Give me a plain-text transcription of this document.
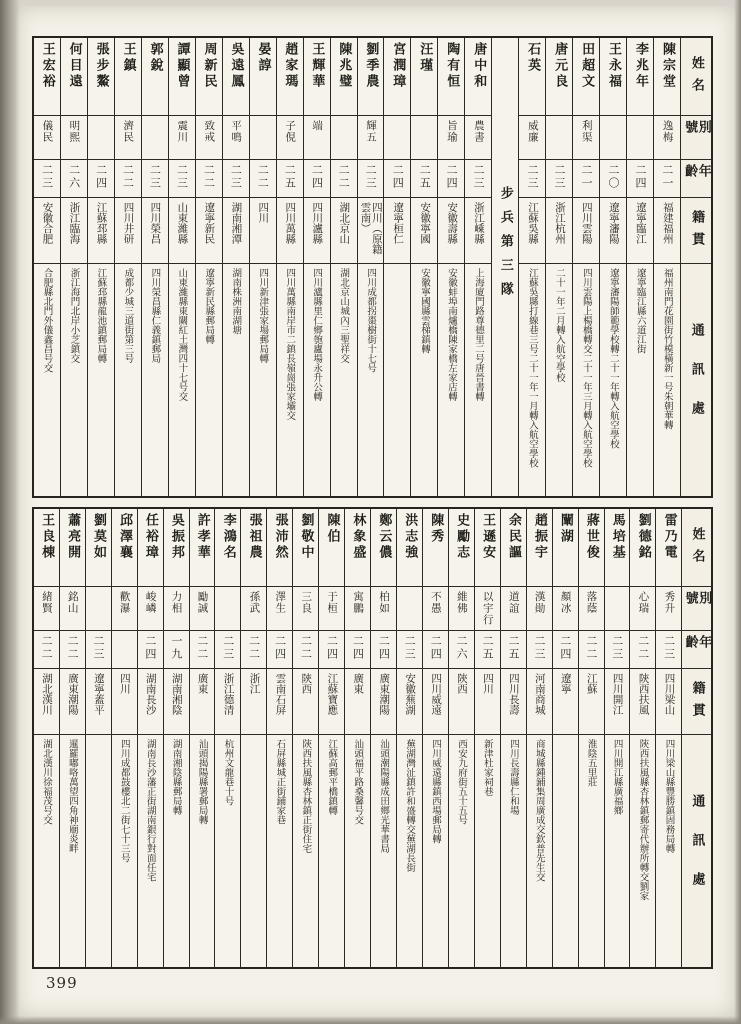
姓名
別號
年齡
籍貫
通訊處
陳宗堂
逸梅
二一
福建福州
福州南門花園街竹模橫新一号朱朝華轉
李兆年
二四
遼寧臨江
遼寧臨江縣六道江街
王永福
二〇
遼寧瀋陽
遼寧瀋陽師範學校轉二十一年轉入航空學校
田超文
利渠
二一
四川雲陽
四川雲陽上楊橋轉交二十一年三月轉入航空學校
唐元良
二三
浙江杭州
二十一年二月轉入航空學校
石英
威廉
二三
江蘇吳縣
江蘇吳縣打線巷三号二十一年一月轉入航空學校
步兵第三隊
唐中和
農書
二三
浙江嵊縣
上海廈門路尊德里二号唐晉書轉
陶有恒
旨瑜
二四
安徽壽縣
安徽蚌埠南爐橋陳家橋左家店轉
汪瑾
二五
安徽寧國
安徽寧國縣雲梯鎮轉
宮潤璋
二四
遼寧桓仁
劉季農
輝五
二三
四川（原籍雲南）
四川成都拐棗樹街十七号
陳兆璧
二二
湖北京山
湖北京山城內三聖祥交
王輝華
端
二四
四川瀘縣
四川瀘縣里仁鄉匏廬場永升公轉
趙家瑪
子俔
二五
四川萬縣
四川萬縣南岸市二鎮長嶺崗張家壩交
晏諄
二二
四川
四川新津張家場郵局轉
吳遠鳳
平鳴
二三
湖南湘潭
湖南株洲南湖塘
周新民
致戒
二二
遼寧新民
遼寧新民縣郵局轉
譚顯曾
震川
二三
山東濰縣
山東濰縣東關紅土灣四十七号交
郭銳
二三
四川榮昌
四川榮昌縣仁義鎮郵局
王鎮
濟民
二二
四川井研
成都少城三道街第三号
張步鰲
二四
江蘇邳縣
江蘇邳縣龍池鎮郵局轉
何目遠
明熙
二六
浙江臨海
浙江海門北岸小芝鎮交
王宏裕
儀民
二三
安徽合肥
合肥縣北門外儀鑫昌号交
姓名
別號
年齡
籍貫
通訊處
雷乃電
秀升
二三
四川梁山
四川梁山縣豐勝鎮固務局轉
劉德銘
心瑞
二二
陝西扶風
陝西扶風縣杏林鎮郵寄代辦所轉交劉家
馬培基
二三
四川開江
四川開江縣廣福鄉
蔣世俊
落蔭
二二
江蘇
淮陰五里莊
闡湖
顏冰
二四
遼寧
趙振宇
漢勛
二三
河南商城
商城縣鍾鋪集周廣成交欽普先生交
余民謳
道誼
二五
四川長壽
四川長壽縣仁和場
王遜安
以宇行
二五
四川
新津杜家祠巷
史勵志
維佛
二六
陝西
西安九府街五十五号
陳秀
不愚
二四
四川威遠
四川威遠縣鎮西場郵局轉
洪志強
二三
安徽蕪湖
蕪湖灣沚鎮許和盛轉交蕪湖長街
鄭云儂
柏如
二四
廣東潮陽
汕頭潮陽縣成田鄉光華書局
林象盛
寓鵬
二四
廣東
汕頭福平路桑馨号交
陳伯
于桓
二四
江蘇寶應
江蘇高郵平橋鎮轉
劉敬中
三良
二二
陝西
陝西扶風縣杏林鎮正街住宅
張沛然
澤生
二四
雲南石屏
石屏縣城正街鋪家巷
張祖農
孫武
二二
浙江
李鴻名
二三
浙江德清
杭州文龍巷十号
許孝華
勵誠
二二
廣東
汕頭揭陽縣署郵局轉
吳振邦
力相
一九
湖南湘陰
湖南湘陰縣郵局轉
任裕璋
峻嶙
二四
湖南長沙
湖南長沙藩正街湖南銀行對面任宅
邱澤襄
歡瀑
四川
四川成都鼓樓北二街七十三号
劉莫如
二三
遼寧蓋平
蕭亮開
銘山
二二
廣東潮陽
暹羅嘟咯萬望四角神廟炎畔
王良棟
緒賢
二二
湖北漢川
湖北漢川徐福茂号交
399
